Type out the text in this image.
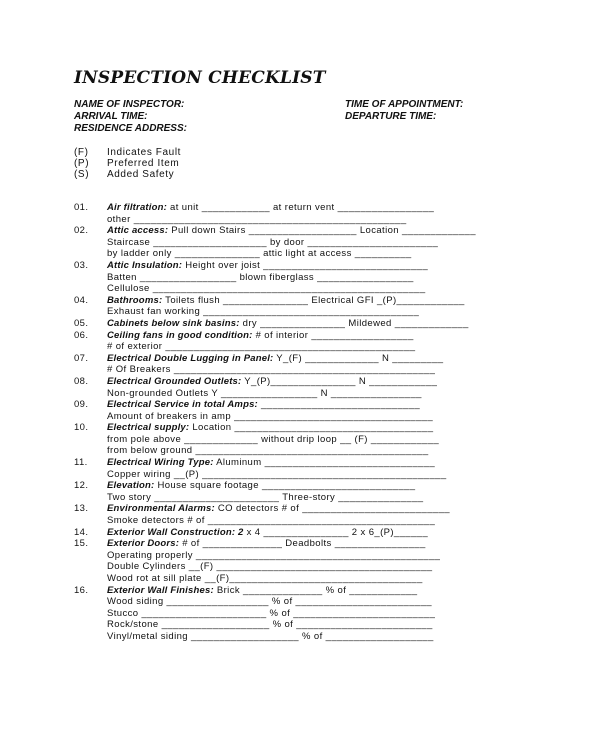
INSPECTION CHECKLIST
NAME OF INSPECTOR:
ARRIVAL TIME:
RESIDENCE ADDRESS:
TIME OF APPOINTMENT:
DEPARTURE TIME:
(F) Indicates Fault
(P) Preferred Item
(S) Added Safety
01.	Air filtration: at unit ____________ at return vent _________________
other ________________________________________________
02.	Attic access: Pull down Stairs ___________________ Location _____________
Staircase ____________________ by door _______________________
by ladder only _______________ attic light at access __________
03.	Attic Insulation: Height over joist _____________________________
Batten _________________ blown fiberglass _________________
Cellulose ________________________________________________
04.	Bathrooms: Toilets flush _______________ Electrical GFI _(P)____________
Exhaust fan working ______________________________________
05.	Cabinets below sink basins: dry _______________ Mildewed _____________
06.	Ceiling fans in good condition: # of interior __________________
# of exterior ____________________________________________
07.	Electrical Double Lugging in Panel: Y_(F) _____________ N _________
# Of Breakers ______________________________________________
08.	Electrical Grounded Outlets: Y_(P)_______________ N ____________
Non-grounded Outlets Y _________________ N ________________
09.	Electrical Service in total Amps: ____________________________
Amount of breakers in amp ___________________________________
10.	Electrical supply: Location ___________________________________
from pole above _____________ without drip loop __ (F) ____________
from below ground _________________________________________
11.	Electrical Wiring Type: Aluminum ______________________________
Copper wiring __(P) ___________________________________________
12.	Elevation: House square footage ___________________________
Two story ______________________ Three-story _______________
13.	Environmental Alarms: CO detectors # of __________________________
Smoke detectors # of ________________________________________
14.	Exterior Wall Construction: 2 x 4 _______________ 2 x 6_(P)______
15.	Exterior Doors: # of ______________ Deadbolts ________________
Operating properly ___________________________________________
Double Cylinders __(F) ______________________________________
Wood rot at sill plate __(F)__________________________________
16.	Exterior Wall Finishes: Brick ______________ % of ____________
Wood siding __________________ % of ________________________
Stucco ______________________ % of _________________________
Rock/stone ___________________ % of ________________________
Vinyl/metal siding ___________________ % of ___________________
